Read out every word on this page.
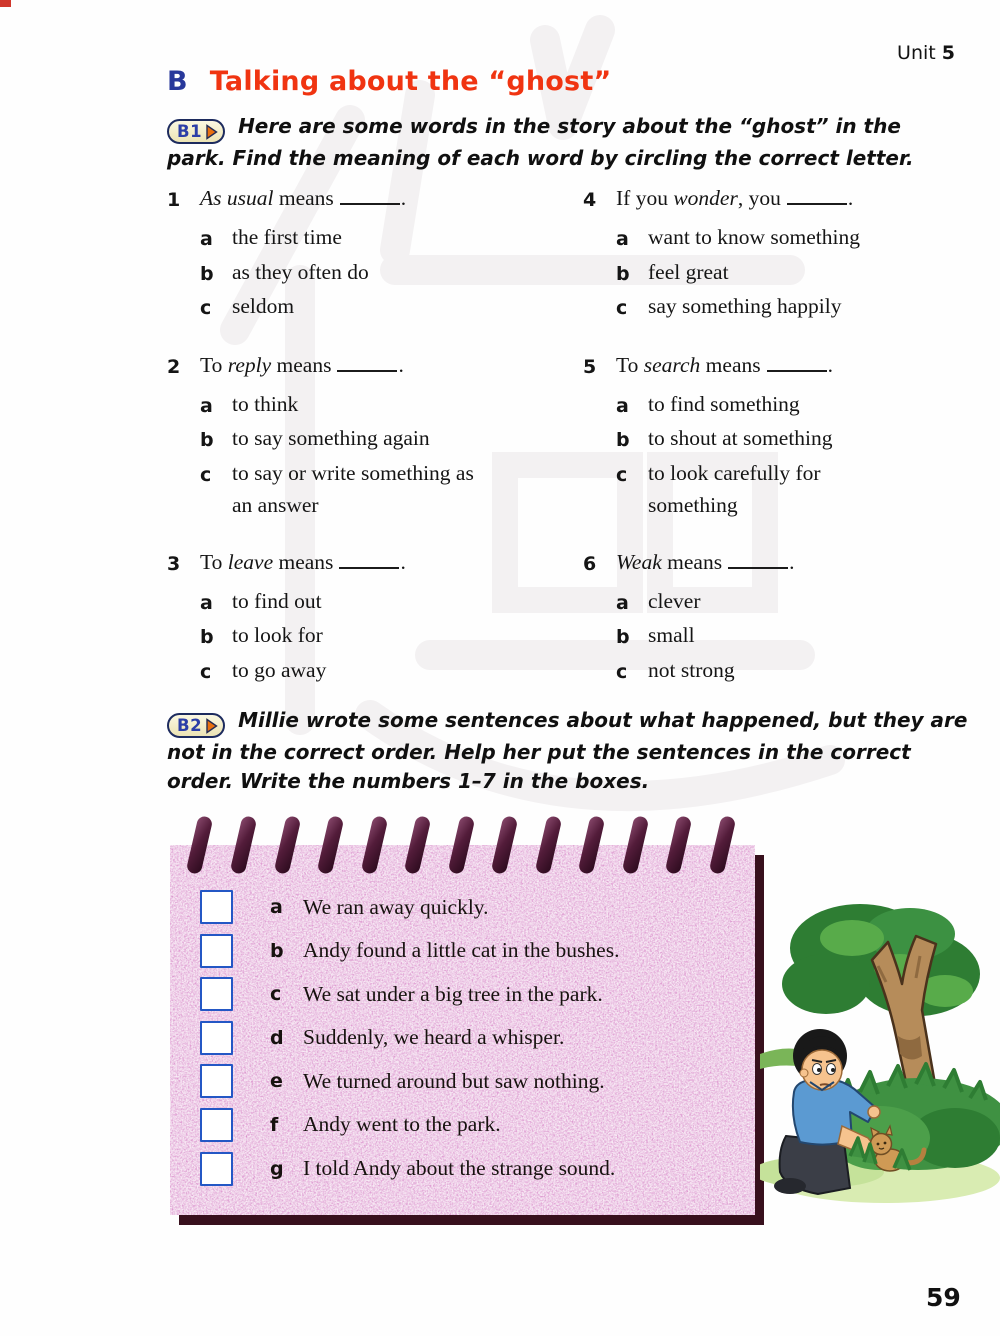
Unit 5
B Talking about the “ghost”
B1 Here are some words in the story about the “ghost” in the park. Find the meaning of each word by circling the correct letter.
1 As usual means	.
a the first time
b as they often do
c seldom
2 To reply means	.
a to think
b to say something again
c to say or write something as an answer
3 To leave means	.
a to find out
b to look for
c to go away
4 If you wonder, you	.
a want to know something
b feel great
c say something happily
5 To search means	.
a to find something
b to shout at something
c to look carefully for something
6 Weak means	.
a clever
b small
c not strong
B2 Millie wrote some sentences about what happened, but they are not in the correct order. Help her put the sentences in the correct order. Write the numbers 1–7 in the boxes.
a We ran away quickly.
b Andy found a little cat in the bushes.
c	We sat under a big tree in the park.
d Suddenly, we heard a whisper.
e We turned around but saw nothing.
f	Andy went to the park.
g I told Andy about the strange sound.
59
